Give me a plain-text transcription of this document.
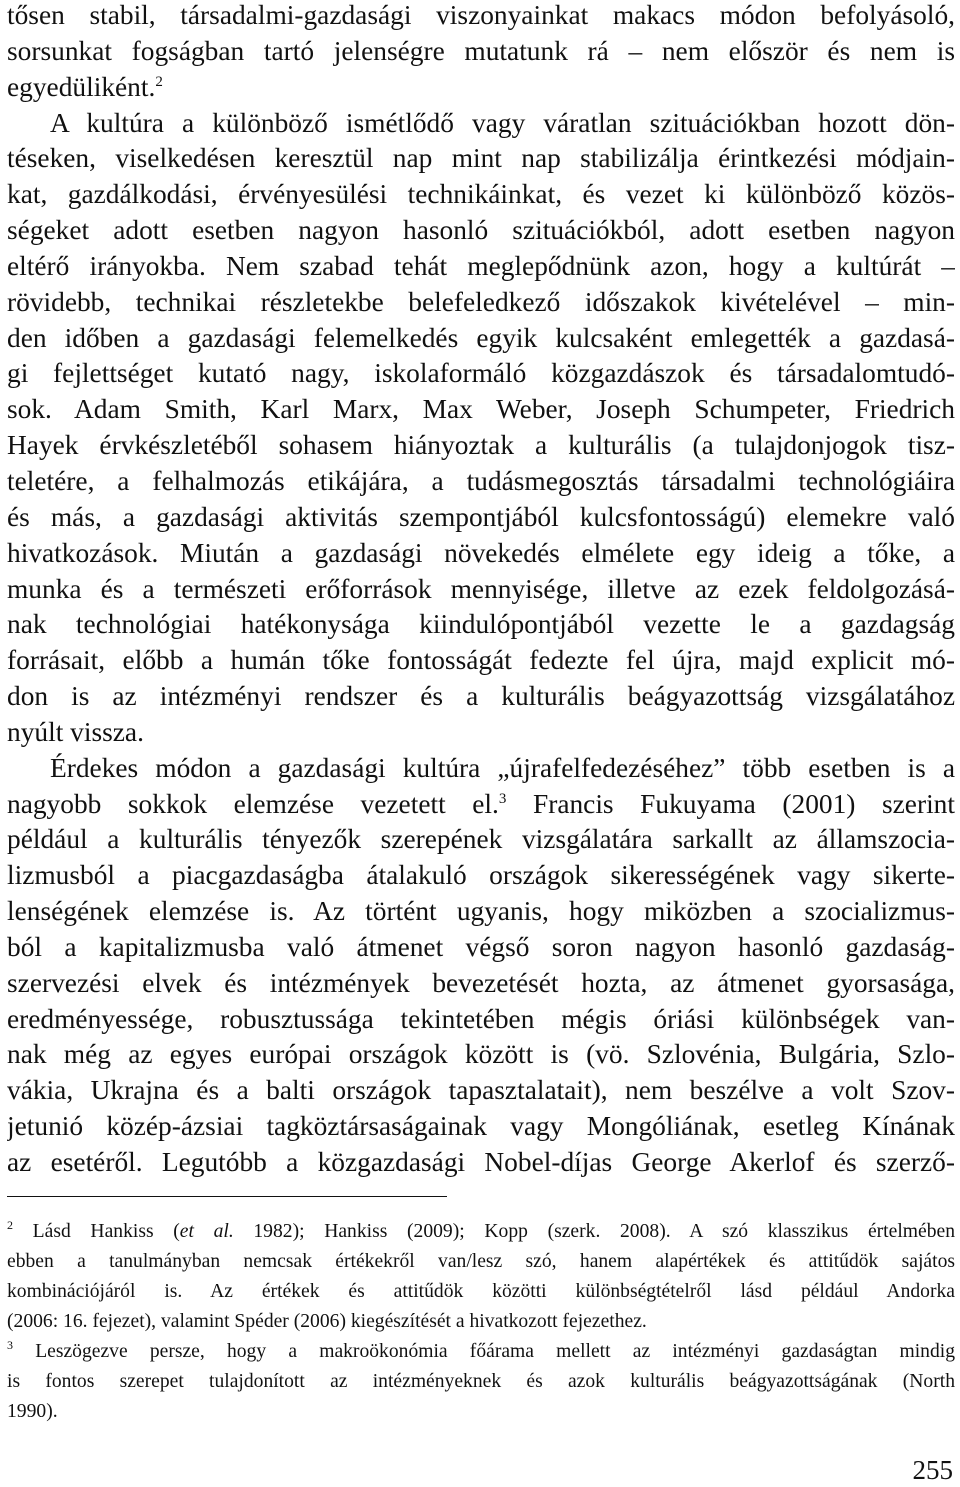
tősen stabil, társadalmi-gazdasági viszonyainkat makacs módon befolyásoló,
sorsunkat fogságban tartó jelenségre mutatunk rá – nem először és nem is
egyedüliként.$^2$
A kultúra a különböző ismétlődő vagy váratlan szituációkban hozott dön-
téseken, viselkedésen keresztül nap mint nap stabilizálja érintkezési módjain-
kat, gazdálkodási, érvényesülési technikáinkat, és vezet ki különböző közös-
ségeket adott esetben nagyon hasonló szituációkból, adott esetben nagyon
eltérő irányokba. Nem szabad tehát meglepődnünk azon, hogy a kultúrát –
rövidebb, technikai részletekbe belefeledkező időszakok kivételével – min-
den időben a gazdasági felemelkedés egyik kulcsaként emlegették a gazdasá-
gi fejlettséget kutató nagy, iskolaformáló közgazdászok és társadalomtudó-
sok. Adam Smith, Karl Marx, Max Weber, Joseph Schumpeter, Friedrich
Hayek érvkészletéből sohasem hiányoztak a kulturális (a tulajdonjogok tisz-
teletére, a felhalmozás etikájára, a tudásmegosztás társadalmi technológiáira
és más, a gazdasági aktivitás szempontjából kulcsfontosságú) elemekre való
hivatkozások. Miután a gazdasági növekedés elmélete egy ideig a tőke, a
munka és a természeti erőforrások mennyisége, illetve az ezek feldolgozásá-
nak technológiai hatékonysága kiindulópontjából vezette le a gazdagság
forrásait, előbb a humán tőke fontosságát fedezte fel újra, majd explicit mó-
don is az intézményi rendszer és a kulturális beágyazottság vizsgálatához
nyúlt vissza.
Érdekes módon a gazdasági kultúra „újrafelfedezéséhez” több esetben is a
nagyobb sokkok elemzése vezetett el.$^3$ Francis Fukuyama (2001) szerint
például a kulturális tényezők szerepének vizsgálatára sarkallt az államszocia-
lizmusból a piacgazdaságba átalakuló országok sikerességének vagy sikerte-
lenségének elemzése is. Az történt ugyanis, hogy miközben a szocializmus-
ból a kapitalizmusba való átmenet végső soron nagyon hasonló gazdaság-
szervezési elvek és intézmények bevezetését hozta, az átmenet gyorsasága,
eredményessége, robusztussága tekintetében mégis óriási különbségek van-
nak még az egyes európai országok között is (vö. Szlovénia, Bulgária, Szlo-
vákia, Ukrajna és a balti országok tapasztalatait), nem beszélve a volt Szov-
jetunió közép-ázsiai tagköztársaságainak vagy Mongóliának, esetleg Kínának
az esetéről. Legutóbb a közgazdasági Nobel-díjas George Akerlof és szerző-
$^2$ Lásd Hankiss (et al. 1982); Hankiss (2009); Kopp (szerk. 2008). A szó klasszikus értelmében
ebben a tanulmányban nemcsak értékekről van/lesz szó, hanem alapértékek és attitűdök sajátos
kombinációjáról is. Az értékek és attitűdök közötti különbségtételről lásd például Andorka
(2006: 16. fejezet), valamint Spéder (2006) kiegészítését a hivatkozott fejezethez.
$^3$ Leszögezve persze, hogy a makroökonómia főárama mellett az intézményi gazdaságtan mindig
is fontos szerepet tulajdonított az intézményeknek és azok kulturális beágyazottságának (North
1990).
255
